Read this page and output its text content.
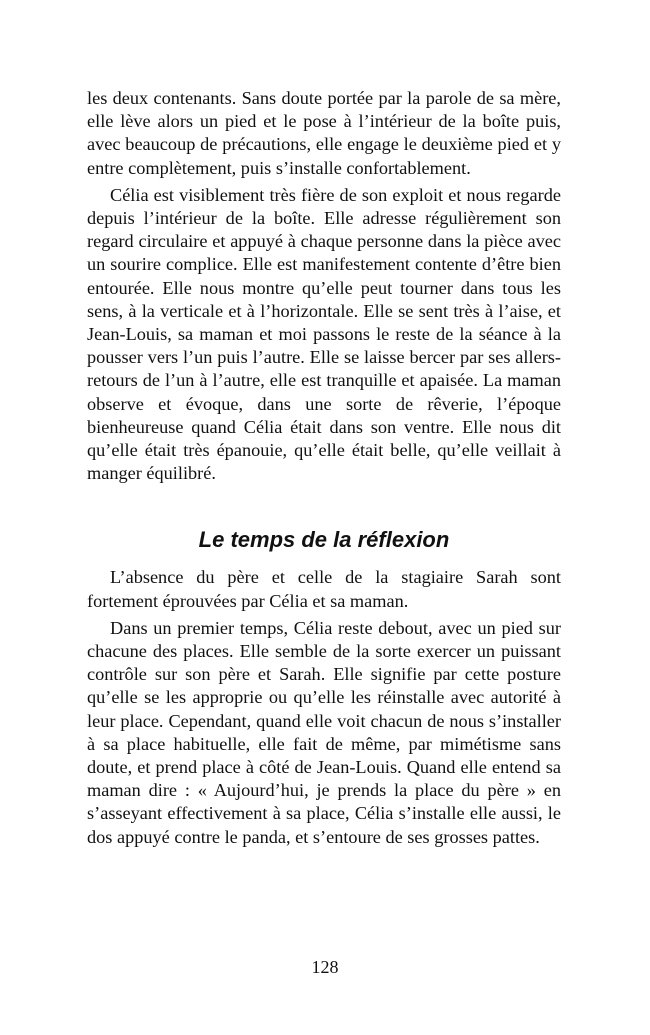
les deux contenants. Sans doute portée par la parole de sa mère, elle lève alors un pied et le pose à l’intérieur de la boîte puis, avec beaucoup de précautions, elle engage le deuxième pied et y entre complètement, puis s’installe confortablement.

Célia est visiblement très fière de son exploit et nous regarde depuis l’intérieur de la boîte. Elle adresse régulièrement son regard circulaire et appuyé à chaque personne dans la pièce avec un sourire complice. Elle est manifestement contente d’être bien entourée. Elle nous montre qu’elle peut tourner dans tous les sens, à la verticale et à l’horizontale. Elle se sent très à l’aise, et Jean-Louis, sa maman et moi passons le reste de la séance à la pousser vers l’un puis l’autre. Elle se laisse bercer par ses allers-retours de l’un à l’autre, elle est tranquille et apaisée. La maman observe et évoque, dans une sorte de rêverie, l’époque bienheureuse quand Célia était dans son ventre. Elle nous dit qu’elle était très épanouie, qu’elle était belle, qu’elle veillait à manger équilibré.

Le temps de la réflexion

L’absence du père et celle de la stagiaire Sarah sont fortement éprouvées par Célia et sa maman.

Dans un premier temps, Célia reste debout, avec un pied sur chacune des places. Elle semble de la sorte exercer un puissant contrôle sur son père et Sarah. Elle signifie par cette posture qu’elle se les approprie ou qu’elle les réinstalle avec autorité à leur place. Cependant, quand elle voit chacun de nous s’installer à sa place habituelle, elle fait de même, par mimétisme sans doute, et prend place à côté de Jean-Louis. Quand elle entend sa maman dire : « Aujourd’hui, je prends la place du père » en s’asseyant effectivement à sa place, Célia s’installe elle aussi, le dos appuyé contre le panda, et s’entoure de ses grosses pattes.

128
